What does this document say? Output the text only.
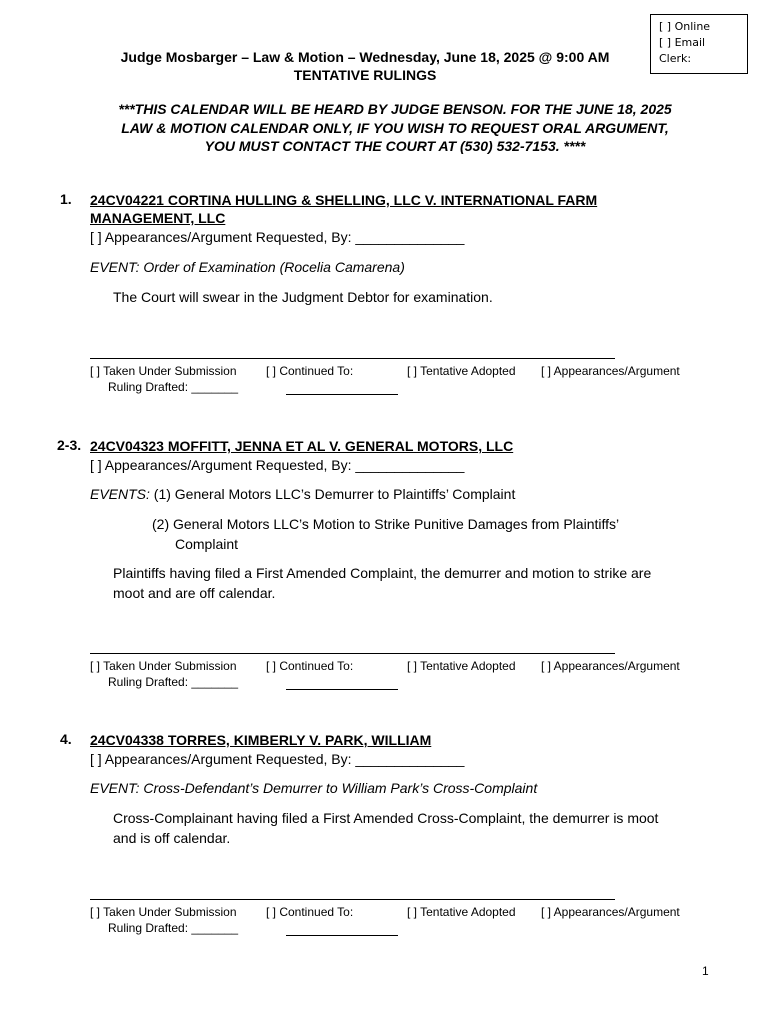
[ ] Online
[ ] Email
Clerk:
Judge Mosbarger – Law & Motion – Wednesday, June 18, 2025 @ 9:00 AM
TENTATIVE RULINGS
***THIS CALENDAR WILL BE HEARD BY JUDGE BENSON. FOR THE JUNE 18, 2025
LAW & MOTION CALENDAR ONLY, IF YOU WISH TO REQUEST ORAL ARGUMENT,
YOU MUST CONTACT THE COURT AT (530) 532-7153. ****
1. 24CV04221 CORTINA HULLING & SHELLING, LLC V. INTERNATIONAL FARM
MANAGEMENT, LLC
[ ] Appearances/Argument Requested, By: ______________
EVENT: Order of Examination (Rocelia Camarena)
The Court will swear in the Judgment Debtor for examination.
[ ] Taken Under Submission [ ] Continued To:	[ ] Tentative Adopted [ ] Appearances/Argument
Ruling Drafted: _______
2-3. 24CV04323 MOFFITT, JENNA ET AL V. GENERAL MOTORS, LLC
[ ] Appearances/Argument Requested, By: ______________
EVENTS: (1) General Motors LLC’s Demurrer to Plaintiffs’ Complaint
(2) General Motors LLC’s Motion to Strike Punitive Damages from Plaintiffs’
Complaint
Plaintiffs having filed a First Amended Complaint, the demurrer and motion to strike are
moot and are off calendar.
[ ] Taken Under Submission [ ] Continued To:	[ ] Tentative Adopted [ ] Appearances/Argument
Ruling Drafted: _______
4. 24CV04338 TORRES, KIMBERLY V. PARK, WILLIAM
[ ] Appearances/Argument Requested, By: ______________
EVENT: Cross-Defendant’s Demurrer to William Park’s Cross-Complaint
Cross-Complainant having filed a First Amended Cross-Complaint, the demurrer is moot
and is off calendar.
[ ] Taken Under Submission [ ] Continued To:	[ ] Tentative Adopted [ ] Appearances/Argument
Ruling Drafted: _______
1
